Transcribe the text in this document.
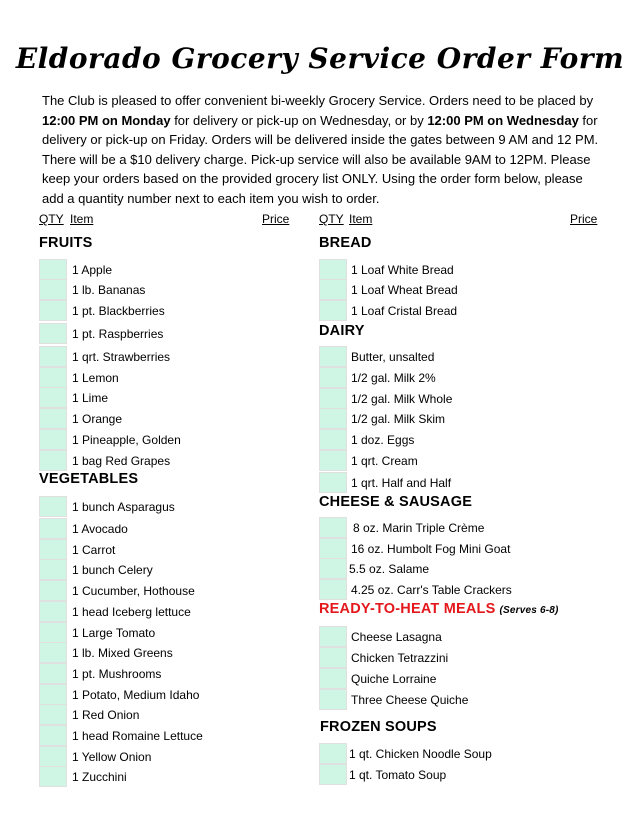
Eldorado Grocery Service Order Form
The Club is pleased to offer convenient bi-weekly Grocery Service. Orders need to be placed by 12:00 PM on Monday for delivery or pick-up on Wednesday, or by 12:00 PM on Wednesday for delivery or pick-up on Friday. Orders will be delivered inside the gates between 9 AM and 12 PM. There will be a $10 delivery charge. Pick-up service will also be available 9AM to 12PM. Please keep your orders based on the provided grocery list ONLY. Using the order form below, please add a quantity number next to each item you wish to order.
QTY Item	Price QTY Item	Price
FRUITS
VEGETABLES
BREAD
DAIRY
CHEESE & SAUSAGE
READY-TO-HEAT MEALS (Serves 6-8)
FROZEN SOUPS
1 Apple
1 lb. Bananas
1 pt. Blackberries
1 pt. Raspberries
1 qrt. Strawberries
1 Lemon
1 Lime
1 Orange
1 Pineapple, Golden
1 bag Red Grapes
1 bunch Asparagus
1 Avocado
1 Carrot
1 bunch Celery
1 Cucumber, Hothouse
1 head Iceberg lettuce
1 Large Tomato
1 lb. Mixed Greens
1 pt. Mushrooms
1 Potato, Medium Idaho
1 Red Onion
1 head Romaine Lettuce
1 Yellow Onion
1 Zucchini
1 Loaf White Bread
1 Loaf Wheat Bread
1 Loaf Cristal Bread
Butter, unsalted
1/2 gal. Milk 2%
1/2 gal. Milk Whole
1/2 gal. Milk Skim
1 doz. Eggs
1 qrt. Cream
1 qrt. Half and Half
8 oz. Marin Triple Crème
16 oz. Humbolt Fog Mini Goat
5.5 oz. Salame
4.25 oz. Carr's Table Crackers
Cheese Lasagna
Chicken Tetrazzini
Quiche Lorraine
Three Cheese Quiche
1 qt. Chicken Noodle Soup
1 qt. Tomato Soup
